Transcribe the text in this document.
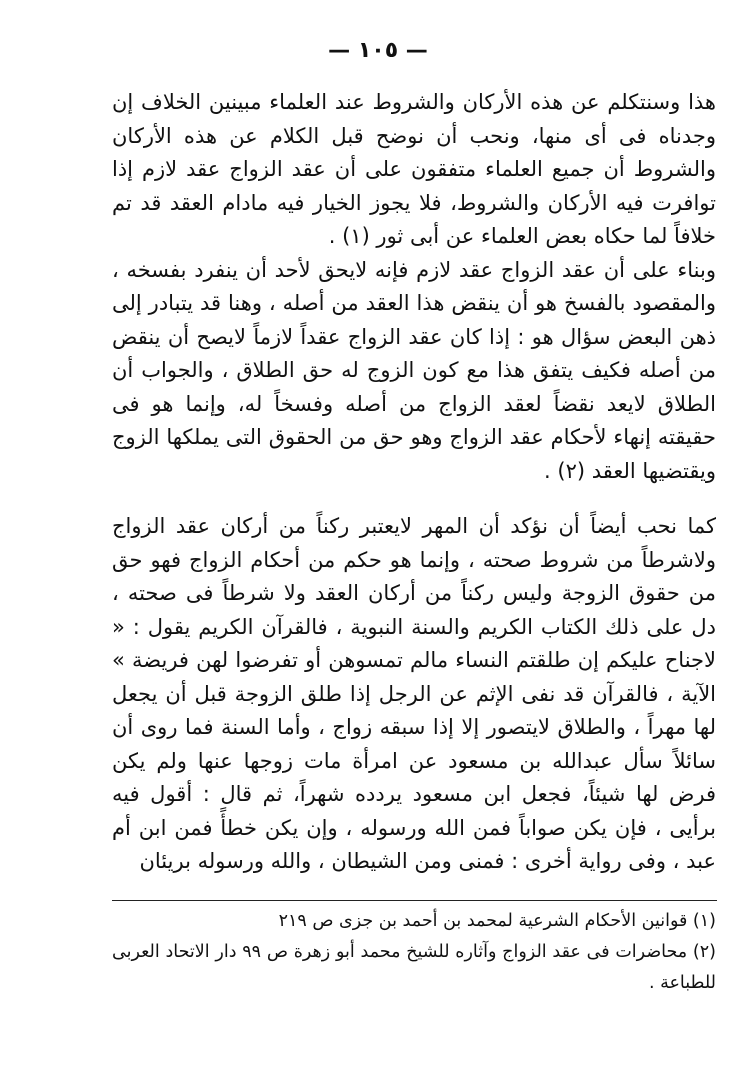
— ١٠٥ —

هذا وسنتكلم عن هذه الأركان والشروط عند العلماء مبينين الخلاف إن وجدناه فى أى منها، ونحب أن نوضح قبل الكلام عن هذه الأركان والشروط أن جميع العلماء متفقون على أن عقد الزواج عقد لازم إذا توافرت فيه الأركان والشروط، فلا يجوز الخيار فيه مادام العقد قد تم خلافاً لما حكاه بعض العلماء عن أبى ثور (١) .

وبناء على أن عقد الزواج عقد لازم فإنه لايحق لأحد أن ينفرد بفسخه ، والمقصود بالفسخ هو أن ينقض هذا العقد من أصله ، وهنا قد يتبادر إلى ذهن البعض سؤال هو : إذا كان عقد الزواج عقداً لازماً لايصح أن ينقض من أصله فكيف يتفق هذا مع كون الزوج له حق الطلاق ، والجواب أن الطلاق لايعد نقضاً لعقد الزواج من أصله وفسخاً له، وإنما هو فى حقيقته إنهاء لأحكام عقد الزواج وهو حق من الحقوق التى يملكها الزوج ويقتضيها العقد (٢) .

كما نحب أيضاً أن نؤكد أن المهر لايعتبر ركناً من أركان عقد الزواج ولاشرطاً من شروط صحته ، وإنما هو حكم من أحكام الزواج فهو حق من حقوق الزوجة وليس ركناً من أركان العقد ولا شرطاً فى صحته ، دل على ذلك الكتاب الكريم والسنة النبوية ، فالقرآن الكريم يقول : « لاجناح عليكم إن طلقتم النساء مالم تمسوهن أو تفرضوا لهن فريضة » الآية ، فالقرآن قد نفى الإثم عن الرجل إذا طلق الزوجة قبل أن يجعل لها مهراً ، والطلاق لايتصور إلا إذا سبقه زواج ، وأما السنة فما روى أن سائلاً سأل عبدالله بن مسعود عن امرأة مات زوجها عنها ولم يكن فرض لها شيئاً، فجعل ابن مسعود يردده شهراً، ثم قال : أقول فيه برأيى ، فإن يكن صواباً فمن الله ورسوله ، وإن يكن خطأً فمن ابن أم عبد ، وفى رواية أخرى : فمنى ومن الشيطان ، والله ورسوله بريئان

(١) قوانين الأحكام الشرعية لمحمد بن أحمد بن جزى ص ٢١٩

(٢) محاضرات فى عقد الزواج وآثاره للشيخ محمد أبو زهرة ص ٩٩ دار الاتحاد العربى للطباعة .
